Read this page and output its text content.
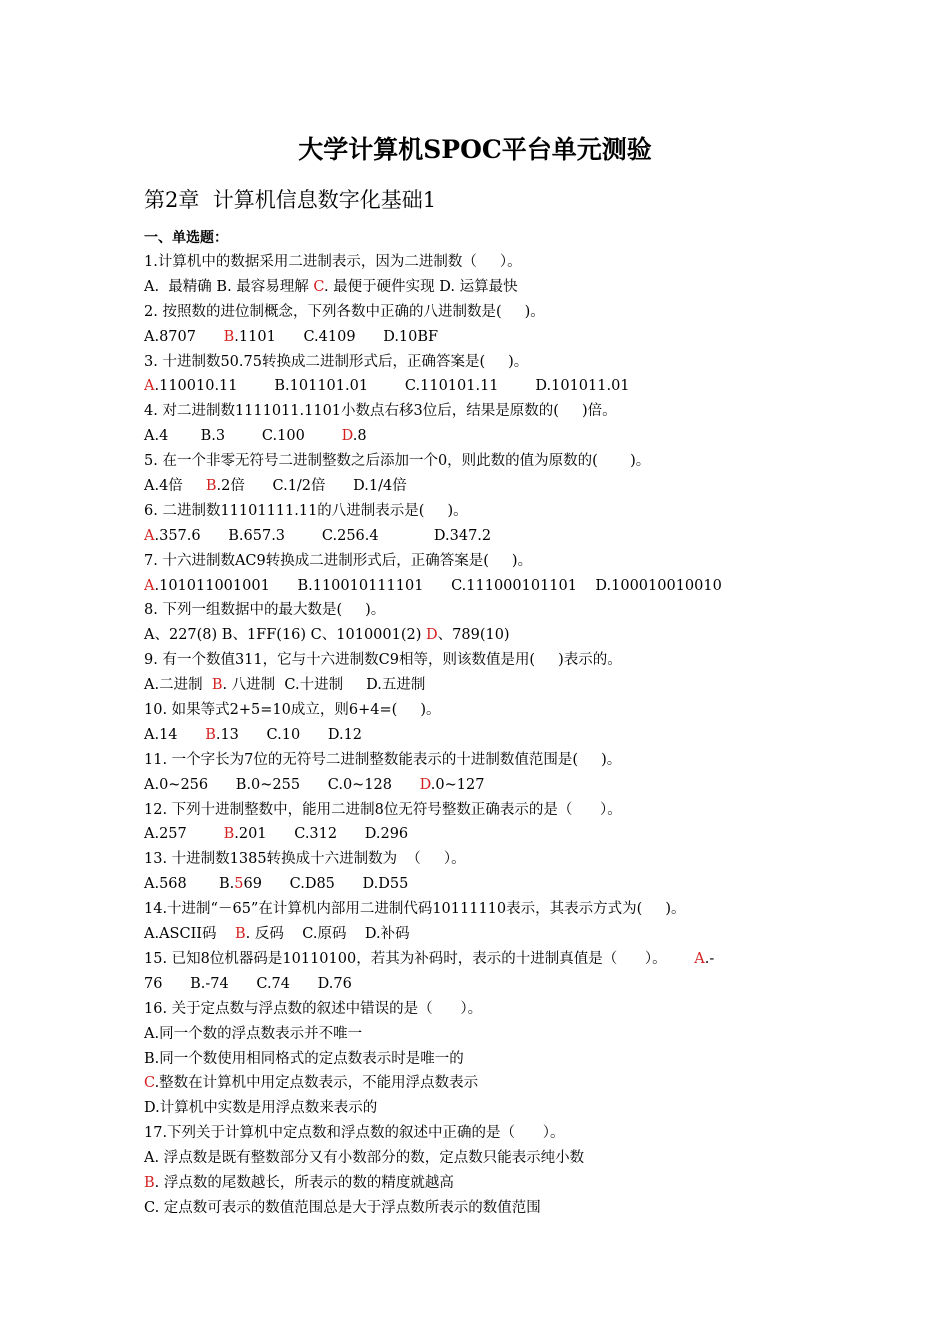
大学计算机SPOC平台单元测验
第2章  计算机信息数字化基础1
一、单选题：
1.计算机中的数据采用二进制表示，因为二进制数（     ）。
A.  最精确 B. 最容易理解 C. 最便于硬件实现 D. 运算最快
2. 按照数的进位制概念，下列各数中正确的八进制数是(     )。
A.8707      B.1101      C.4109      D.10BF
3. 十进制数50.75转换成二进制形式后，正确答案是(     )。
A.110010.11        B.101101.01        C.110101.11        D.101011.01
4. 对二进制数1111011.1101小数点右移3位后，结果是原数的(     )倍。
A.4       B.3        C.100        D.8
5. 在一个非零无符号二进制整数之后添加一个0，则此数的值为原数的(       )。
A.4倍     B.2倍      C.1/2倍      D.1/4倍
6. 二进制数11101111.11的八进制表示是(     )。
A.357.6      B.657.3        C.256.4            D.347.2
7. 十六进制数AC9转换成二进制形式后，正确答案是(     )。
A.101011001001      B.110010111101      C.111000101101    D.100010010010
8. 下列一组数据中的最大数是(     )。
A、227(8) B、1FF(16) C、1010001(2) D、789(10)
9. 有一个数值311，它与十六进制数C9相等，则该数值是用(     )表示的。
A.二进制  B. 八进制  C.十进制     D.五进制
10. 如果等式2+5=10成立，则6+4=(     )。
A.14      B.13      C.10      D.12
11. 一个字长为7位的无符号二进制整数能表示的十进制数值范围是(     )。
A.0~256      B.0~255      C.0~128      D.0~127
12. 下列十进制整数中，能用二进制8位无符号整数正确表示的是（      ）。
A.257        B.201      C.312      D.296
13. 十进制数1385转换成十六进制数为  （     ）。
A.568       B.569      C.D85      D.D55
14.十进制“－65”在计算机内部用二进制代码10111110表示，其表示方式为(     )。
A.ASCII码    B. 反码    C.原码    D.补码
15. 已知8位机器码是10110100，若其为补码时，表示的十进制真值是（      ）。      A.-
76      B.-74      C.74      D.76
16. 关于定点数与浮点数的叙述中错误的是（      ）。
A.同一个数的浮点数表示并不唯一
B.同一个数使用相同格式的定点数表示时是唯一的
C.整数在计算机中用定点数表示，不能用浮点数表示
D.计算机中实数是用浮点数来表示的
17.下列关于计算机中定点数和浮点数的叙述中正确的是（      ）。
A. 浮点数是既有整数部分又有小数部分的数，定点数只能表示纯小数
B. 浮点数的尾数越长，所表示的数的精度就越高
C. 定点数可表示的数值范围总是大于浮点数所表示的数值范围
